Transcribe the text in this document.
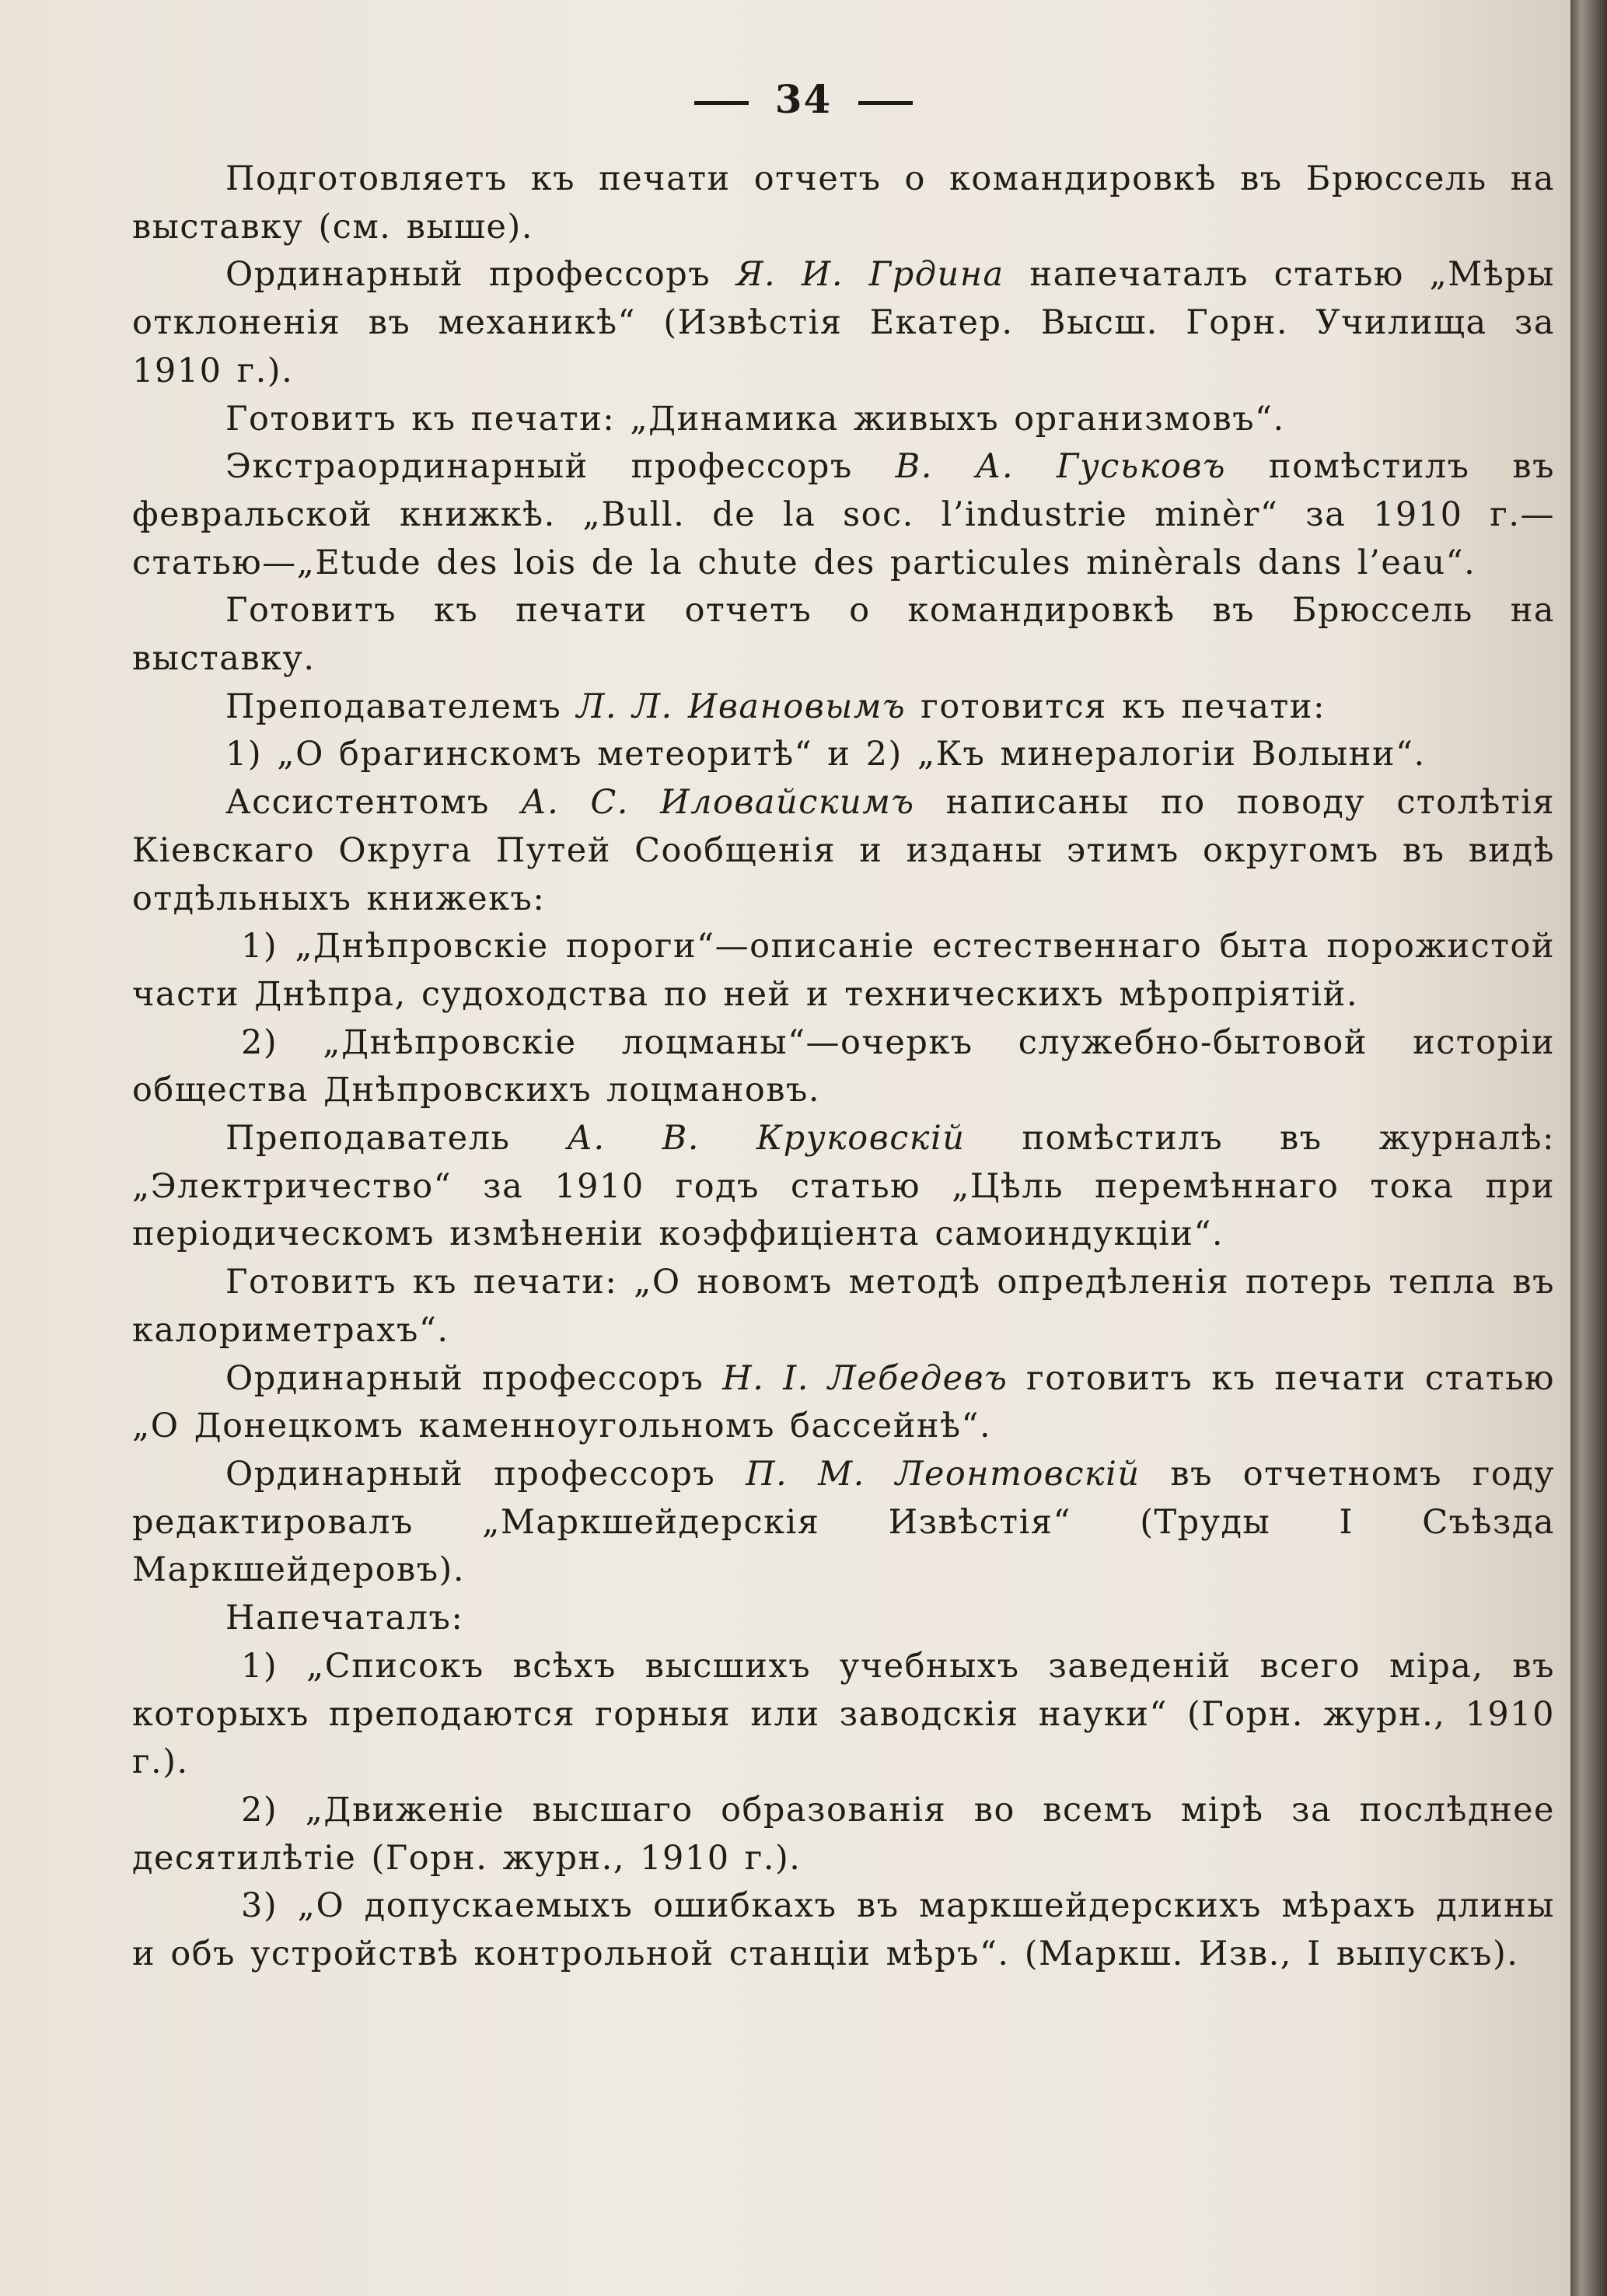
34

Подготовляетъ къ печати отчетъ о командировкѣ въ Брюссель на выставку (см. выше).

Ординарный профессоръ Я. И. Грдина напечаталъ статью „Мѣры отклоненія въ механикѣ“ (Извѣстія Екатер. Высш. Горн. Училища за 1910 г.).

Готовитъ къ печати: „Динамика живыхъ организмовъ“.

Экстраординарный профессоръ В. А. Гуськовъ помѣстилъ въ февральской книжкѣ. „Bull. de la soc. l’industrie minèr“ за 1910 г.—статью—„Etude des lois de la chute des particules minèrals dans l’eau“.

Готовитъ къ печати отчетъ о командировкѣ въ Брюссель на выставку.

Преподавателемъ Л. Л. Ивановымъ готовится къ печати:

1) „О брагинскомъ метеоритѣ“ и 2) „Къ минералогіи Волыни“.

Ассистентомъ А. С. Иловайскимъ написаны по поводу столѣтія Кіевскаго Округа Путей Сообщенія и изданы этимъ округомъ въ видѣ отдѣльныхъ книжекъ:

1) „Днѣпровскіе пороги“—описаніе естественнаго быта порожистой части Днѣпра, судоходства по ней и техническихъ мѣропріятій.

2) „Днѣпровскіе лоцманы“—очеркъ служебно-бытовой исторіи общества Днѣпровскихъ лоцмановъ.

Преподаватель А. В. Круковскій помѣстилъ въ журналѣ: „Электричество“ за 1910 годъ статью „Цѣль перемѣннаго тока при періодическомъ измѣненіи коэффиціента самоиндукціи“.

Готовитъ къ печати: „О новомъ методѣ опредѣленія потерь тепла въ калориметрахъ“.

Ординарный профессоръ Н. І. Лебедевъ готовитъ къ печати статью „О Донецкомъ каменноугольномъ бассейнѣ“.

Ординарный профессоръ П. М. Леонтовскій въ отчетномъ году редактировалъ „Маркшейдерскія Извѣстія“ (Труды I Съѣзда Маркшейдеровъ).

Напечаталъ:

1) „Списокъ всѣхъ высшихъ учебныхъ заведеній всего міра, въ которыхъ преподаются горныя или заводскія науки“ (Горн. журн., 1910 г.).

2) „Движеніе высшаго образованія во всемъ мірѣ за послѣднее десятилѣтіе (Горн. журн., 1910 г.).

3) „О допускаемыхъ ошибкахъ въ маркшейдерскихъ мѣрахъ длины и объ устройствѣ контрольной станціи мѣръ“. (Маркш. Изв., I выпускъ).
